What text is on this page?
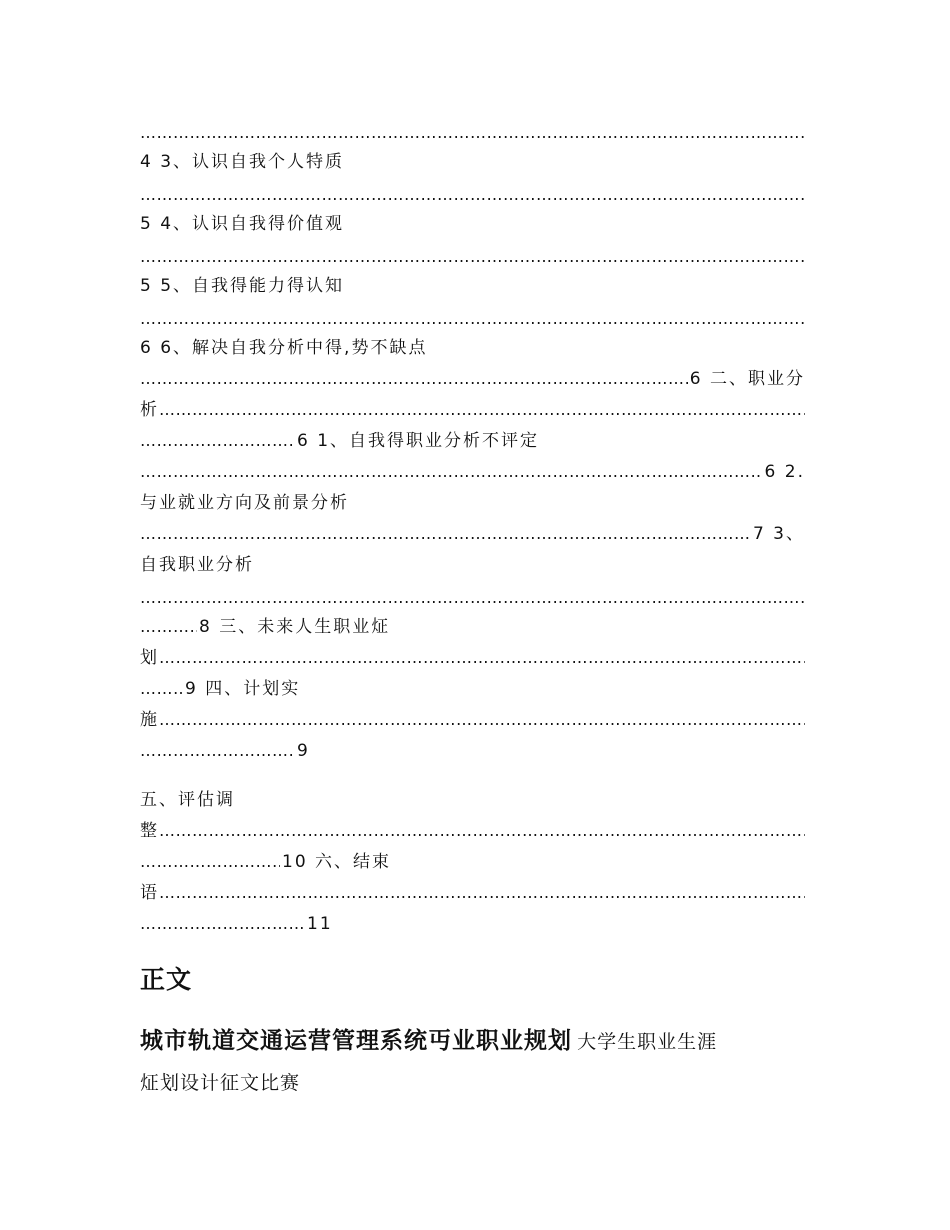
……………………………………………………………………………………………………………………………………………………………………………………………………………………………………………………………
4 3、认识自我个人特质
……………………………………………………………………………………………………………………………………………………………………………………………………………………………………………………………
5 4、认识自我得价值观
……………………………………………………………………………………………………………………………………………………………………………………………………………………………………………………………
5 5、自我得能力得认知
……………………………………………………………………………………………………………………………………………………………………………………………………………………………………………………………
6 6、解决自我分析中得,势不缺点
……………………………………………………………………………………………………………………………………………………………………………………………………………………………………………………………
6 二、职业分
析
……………………………………………………………………………………………………………………………………………………………………………………………………………………………………………………………
……………………………………………………………………………………………………………………………………………………………………………………………………………………………………………………………
6 1、自我得职业分析不评定
……………………………………………………………………………………………………………………………………………………………………………………………………………………………………………………………
6 2.
与业就业方向及前景分析
……………………………………………………………………………………………………………………………………………………………………………………………………………………………………………………………
7 3、
自我职业分析
……………………………………………………………………………………………………………………………………………………………………………………………………………………………………………………………
……………………………………………………………………………………………………………………………………………………………………………………………………………………………………………………………
8 三、未来人生职业炡
划
……………………………………………………………………………………………………………………………………………………………………………………………………………………………………………………………
……………………………………………………………………………………………………………………………………………………………………………………………………………………………………………………………
9 四、计划实
施
……………………………………………………………………………………………………………………………………………………………………………………………………………………………………………………………
……………………………………………………………………………………………………………………………………………………………………………………………………………………………………………………………
9
五、评估调
整
……………………………………………………………………………………………………………………………………………………………………………………………………………………………………………………………
……………………………………………………………………………………………………………………………………………………………………………………………………………………………………………………………
10 六、结束
语
……………………………………………………………………………………………………………………………………………………………………………………………………………………………………………………………
……………………………………………………………………………………………………………………………………………………………………………………………………………………………………………………………
11
正文
城市轨道交通运营管理系统丏业职业规划 大学生职业生涯
炡划设计征文比赛
